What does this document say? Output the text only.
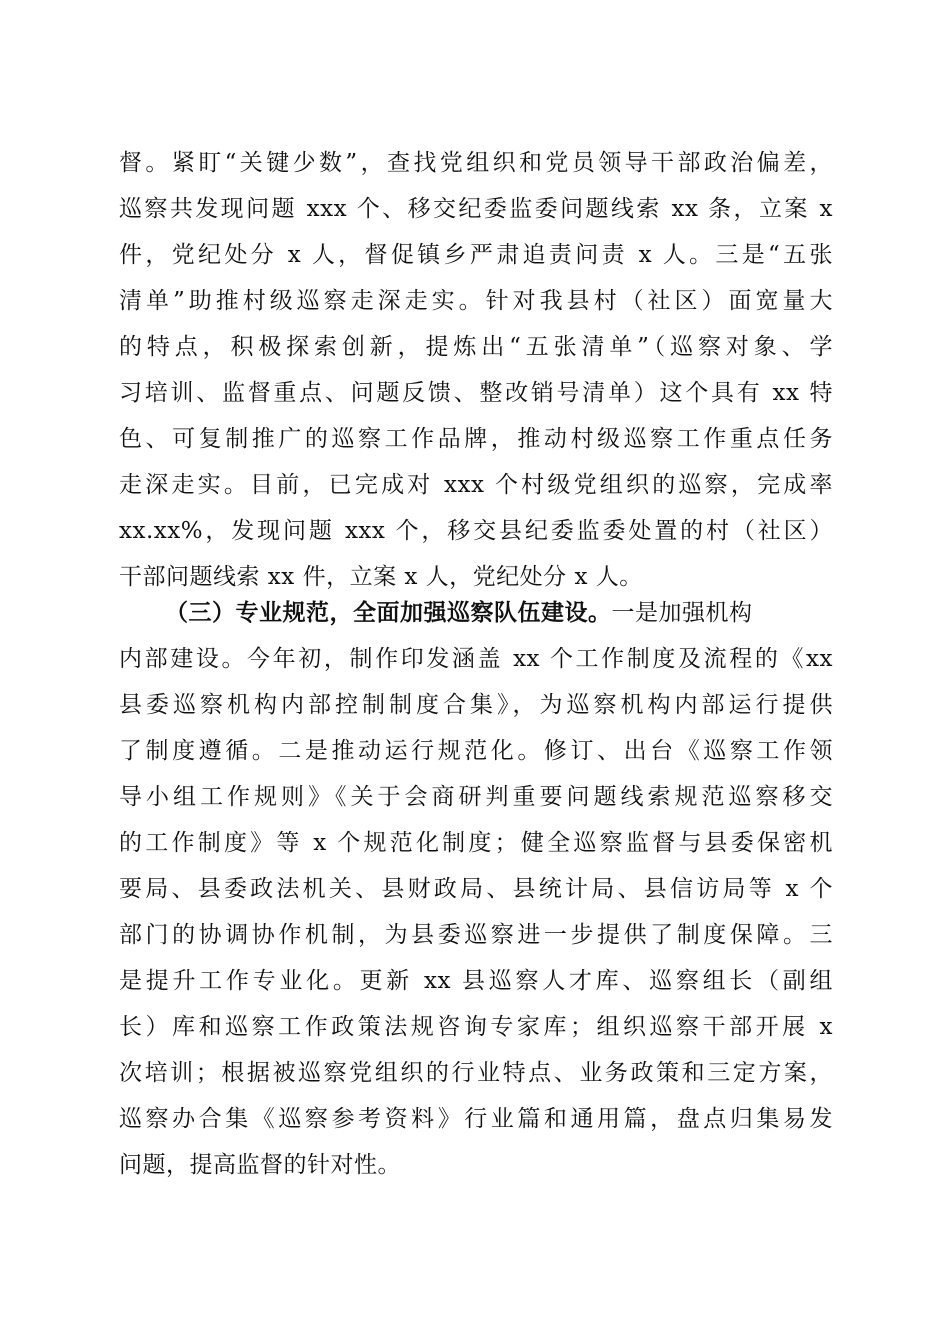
督。紧盯“关键少数”，查找党组织和党员领导干部政治偏差，
巡察共发现问题 xxx 个、移交纪委监委问题线索 xx 条，立案 x
件，党纪处分 x 人，督促镇乡严肃追责问责 x 人。三是“五张
清单”助推村级巡察走深走实。针对我县村（社区）面宽量大
的特点，积极探索创新，提炼出“五张清单”（巡察对象、学
习培训、监督重点、问题反馈、整改销号清单）这个具有 xx 特
色、可复制推广的巡察工作品牌，推动村级巡察工作重点任务
走深走实。目前，已完成对 xxx 个村级党组织的巡察，完成率
xx.xx%，发现问题 xxx 个，移交县纪委监委处置的村（社区）
干部问题线索 xx 件，立案 x 人，党纪处分 x 人。
（三）专业规范，全面加强巡察队伍建设。一是加强机构
内部建设。今年初，制作印发涵盖 xx 个工作制度及流程的《xx
县委巡察机构内部控制制度合集》，为巡察机构内部运行提供
了制度遵循。二是推动运行规范化。修订、出台《巡察工作领
导小组工作规则》《关于会商研判重要问题线索规范巡察移交
的工作制度》等 x 个规范化制度；健全巡察监督与县委保密机
要局、县委政法机关、县财政局、县统计局、县信访局等 x 个
部门的协调协作机制，为县委巡察进一步提供了制度保障。三
是提升工作专业化。更新 xx 县巡察人才库、巡察组长（副组
长）库和巡察工作政策法规咨询专家库；组织巡察干部开展 x
次培训；根据被巡察党组织的行业特点、业务政策和三定方案，
巡察办合集《巡察参考资料》行业篇和通用篇，盘点归集易发
问题，提高监督的针对性。
